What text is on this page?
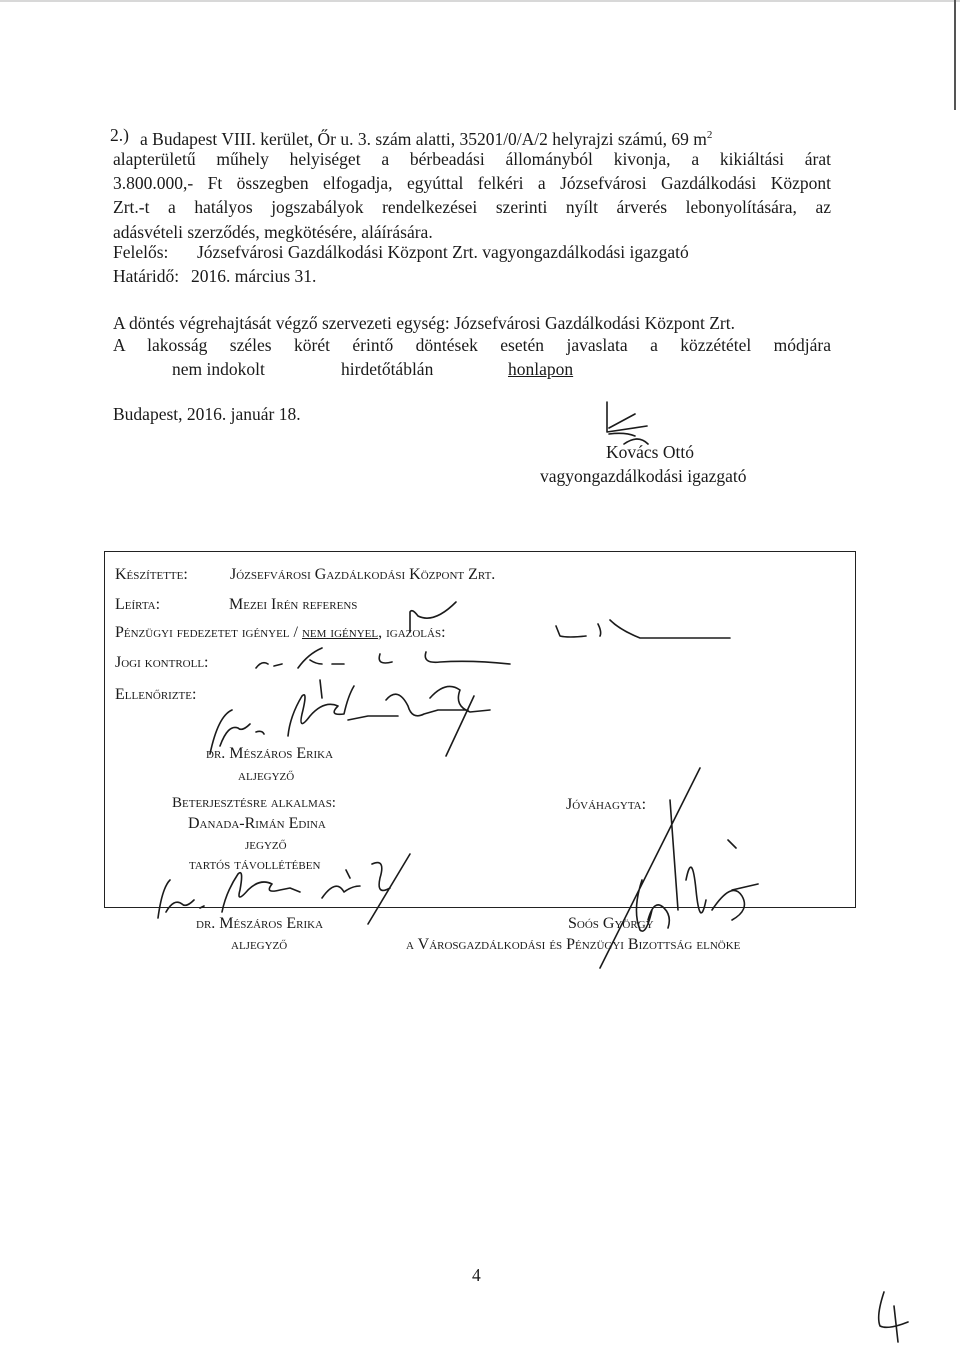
2.) a Budapest VIII. kerület, Őr u. 3. szám alatti, 35201/0/A/2 helyrajzi számú, 69 $m^2$
alapterületű műhely helyiséget a bérbeadási állományból kivonja, a kikiáltási árat
3.800.000,- Ft összegben elfogadja, egyúttal felkéri a Józsefvárosi Gazdálkodási Központ
Zrt.-t a hatályos jogszabályok rendelkezései szerinti nyílt árverés lebonyolítására, az
adásvételi szerződés, megkötésére, aláírására.
Felelős: Józsefvárosi Gazdálkodási Központ Zrt. vagyongazdálkodási igazgató
Határidő: 2016. március 31.
A döntés végrehajtását végző szervezeti egység: Józsefvárosi Gazdálkodási Központ Zrt.
A lakosság széles körét érintő döntések esetén javaslata a közzététel módjára
nem indokolt	hirdetőtáblán	honlapon
Budapest, 2016. január 18.
Kovács Ottó
vagyongazdálkodási igazgató
Készítette:	Józsefvárosi Gazdálkodási Központ Zrt.
Leírta:	Mezei Irén referens
Pénzügyi fedezetet igényel / nem igényel, igazolás:
Jogi kontroll:
Ellenőrizte:
dr. Mészáros Erika
aljegyző
Beterjesztésre alkalmas:
Danada-Rimán Edina
jegyző
tartós távollétében
dr. Mészáros Erika
aljegyző
Jóváhagyta:
Soós György
a Városgazdálkodási és Pénzügyi Bizottság elnöke
4
